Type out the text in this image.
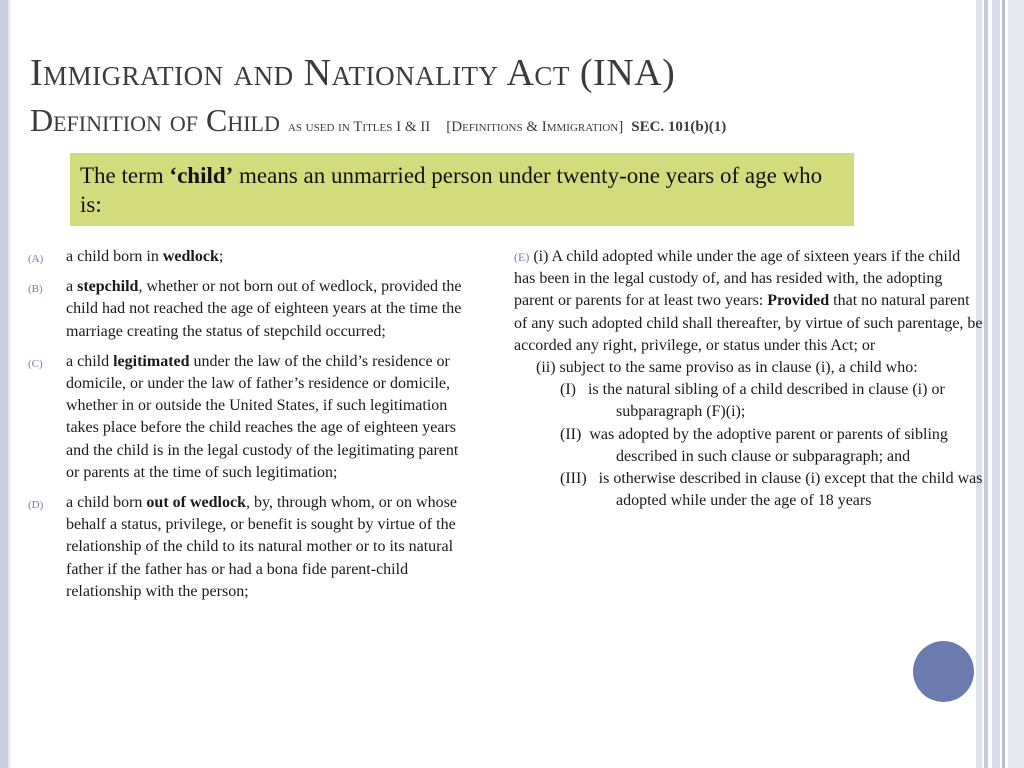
Immigration and Nationality Act (INA)
Definition of Child as used in Titles I & II [Definitions & Immigration] SEC. 101(b)(1)
The term ‘child’ means an unmarried person under twenty-one years of age who is:
(A) a child born in wedlock;
(B) a stepchild, whether or not born out of wedlock, provided the child had not reached the age of eighteen years at the time the marriage creating the status of stepchild occurred;
(C) a child legitimated under the law of the child’s residence or domicile, or under the law of father’s residence or domicile, whether in or outside the United States, if such legitimation takes place before the child reaches the age of eighteen years and the child is in the legal custody of the legitimating parent or parents at the time of such legitimation;
(D) a child born out of wedlock, by, through whom, or on whose behalf a status, privilege, or benefit is sought by virtue of the relationship of the child to its natural mother or to its natural father if the father has or had a bona fide parent-child relationship with the person;
(E) (i) A child adopted while under the age of sixteen years if the child has been in the legal custody of, and has resided with, the adopting parent or parents for at least two years: Provided that no natural parent of any such adopted child shall thereafter, by virtue of such parentage, be accorded any right, privilege, or status under this Act; or
(ii) subject to the same proviso as in clause (i), a child who:
(I) is the natural sibling of a child described in clause (i) or subparagraph (F)(i);
(II) was adopted by the adoptive parent or parents of sibling described in such clause or subparagraph; and
(III) is otherwise described in clause (i) except that the child was adopted while under the age of 18 years
